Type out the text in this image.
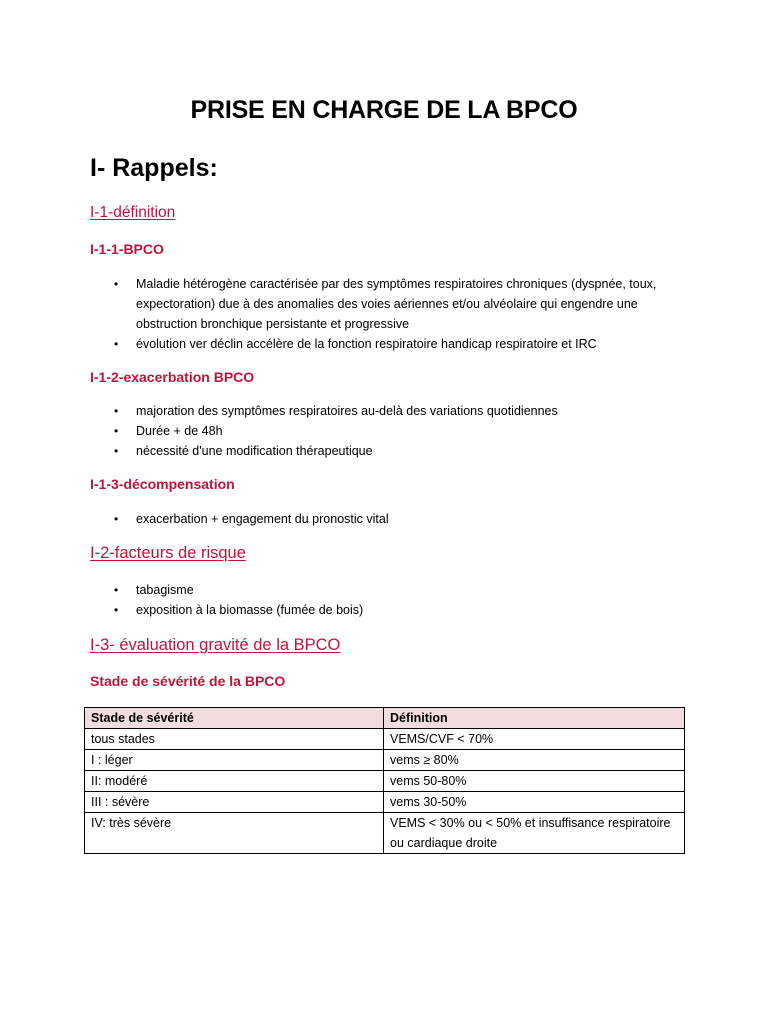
PRISE EN CHARGE DE LA BPCO
I- Rappels:
I-1-définition
I-1-1-BPCO
• Maladie hétérogène caractérisée par des symptômes respiratoires chroniques (dyspnée, toux, expectoration) due à des anomalies des voies aériennes et/ou alvéolaire qui engendre une obstruction bronchique persistante et progressive
• évolution ver déclin accélère de la fonction respiratoire handicap respiratoire et IRC
I-1-2-exacerbation BPCO
• majoration des symptômes respiratoires au-delà des variations quotidiennes
• Durée + de 48h
• nécessité d'une modification thérapeutique
I-1-3-décompensation
• exacerbation + engagement du pronostic vital
I-2-facteurs de risque
• tabagisme
• exposition à la biomasse (fumée de bois)
I-3- évaluation gravité de la BPCO
Stade de sévérité de la BPCO
Stade de sévérité	Définition
tous stades	VEMS/CVF < 70%
I : léger	vems ≥ 80%
II: modéré	vems 50-80%
III : sévère	vems 30-50%
IV: très sévère	VEMS < 30% ou < 50% et insuffisance respiratoire ou cardiaque droite
